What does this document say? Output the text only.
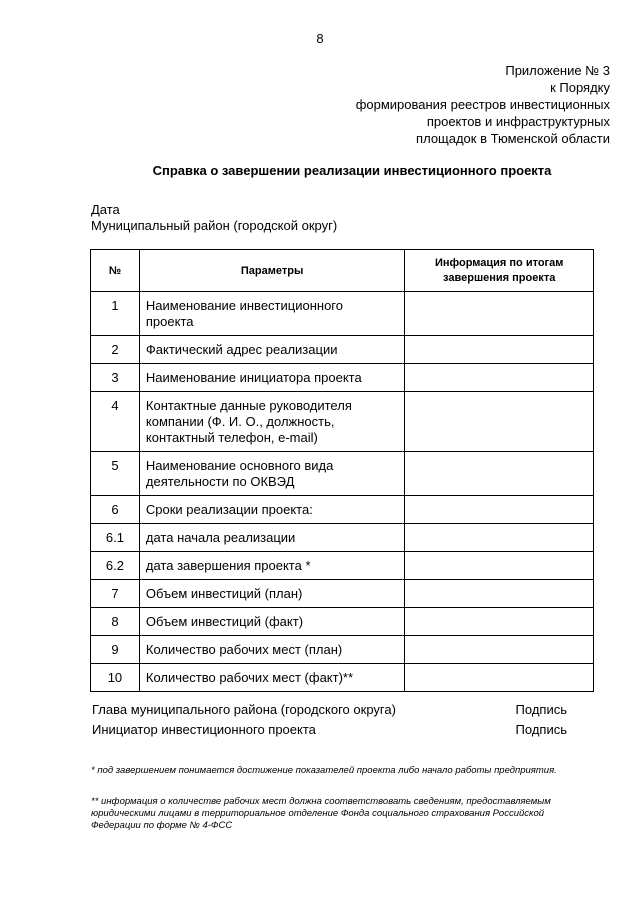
8
Приложение № 3
к Порядку
формирования реестров инвестиционных
проектов и инфраструктурных
площадок в Тюменской области
Справка о завершении реализации инвестиционного проекта
Дата
Муниципальный район (городской округ)
№	Параметры	Информация по итогам
завершения проекта

1	Наименование инвестиционного
проекта	
2	Фактический адрес реализации	
3	Наименование инициатора проекта	
4	Контактные данные руководителя компании (Ф. И. О., должность, контактный телефон, e-mail)	
5	Наименование основного вида деятельности по ОКВЭД	
6	Сроки реализации проекта:	
6.1	дата начала реализации	
6.2	дата завершения проекта *	
7	Объем инвестиций (план)	
8	Объем инвестиций (факт)	
9	Количество рабочих мест (план)	
10	Количество рабочих мест (факт)**	
Глава муниципального района (городского округа)	Подпись
Инициатор инвестиционного проекта	Подпись
* под завершением понимается достижение показателей проекта либо начало работы предприятия.
** информация о количестве рабочих мест должна соответствовать сведениям, предоставляемым юридическими лицами в территориальное отделение Фонда социального страхования Российской Федерации по форме № 4-ФСС
